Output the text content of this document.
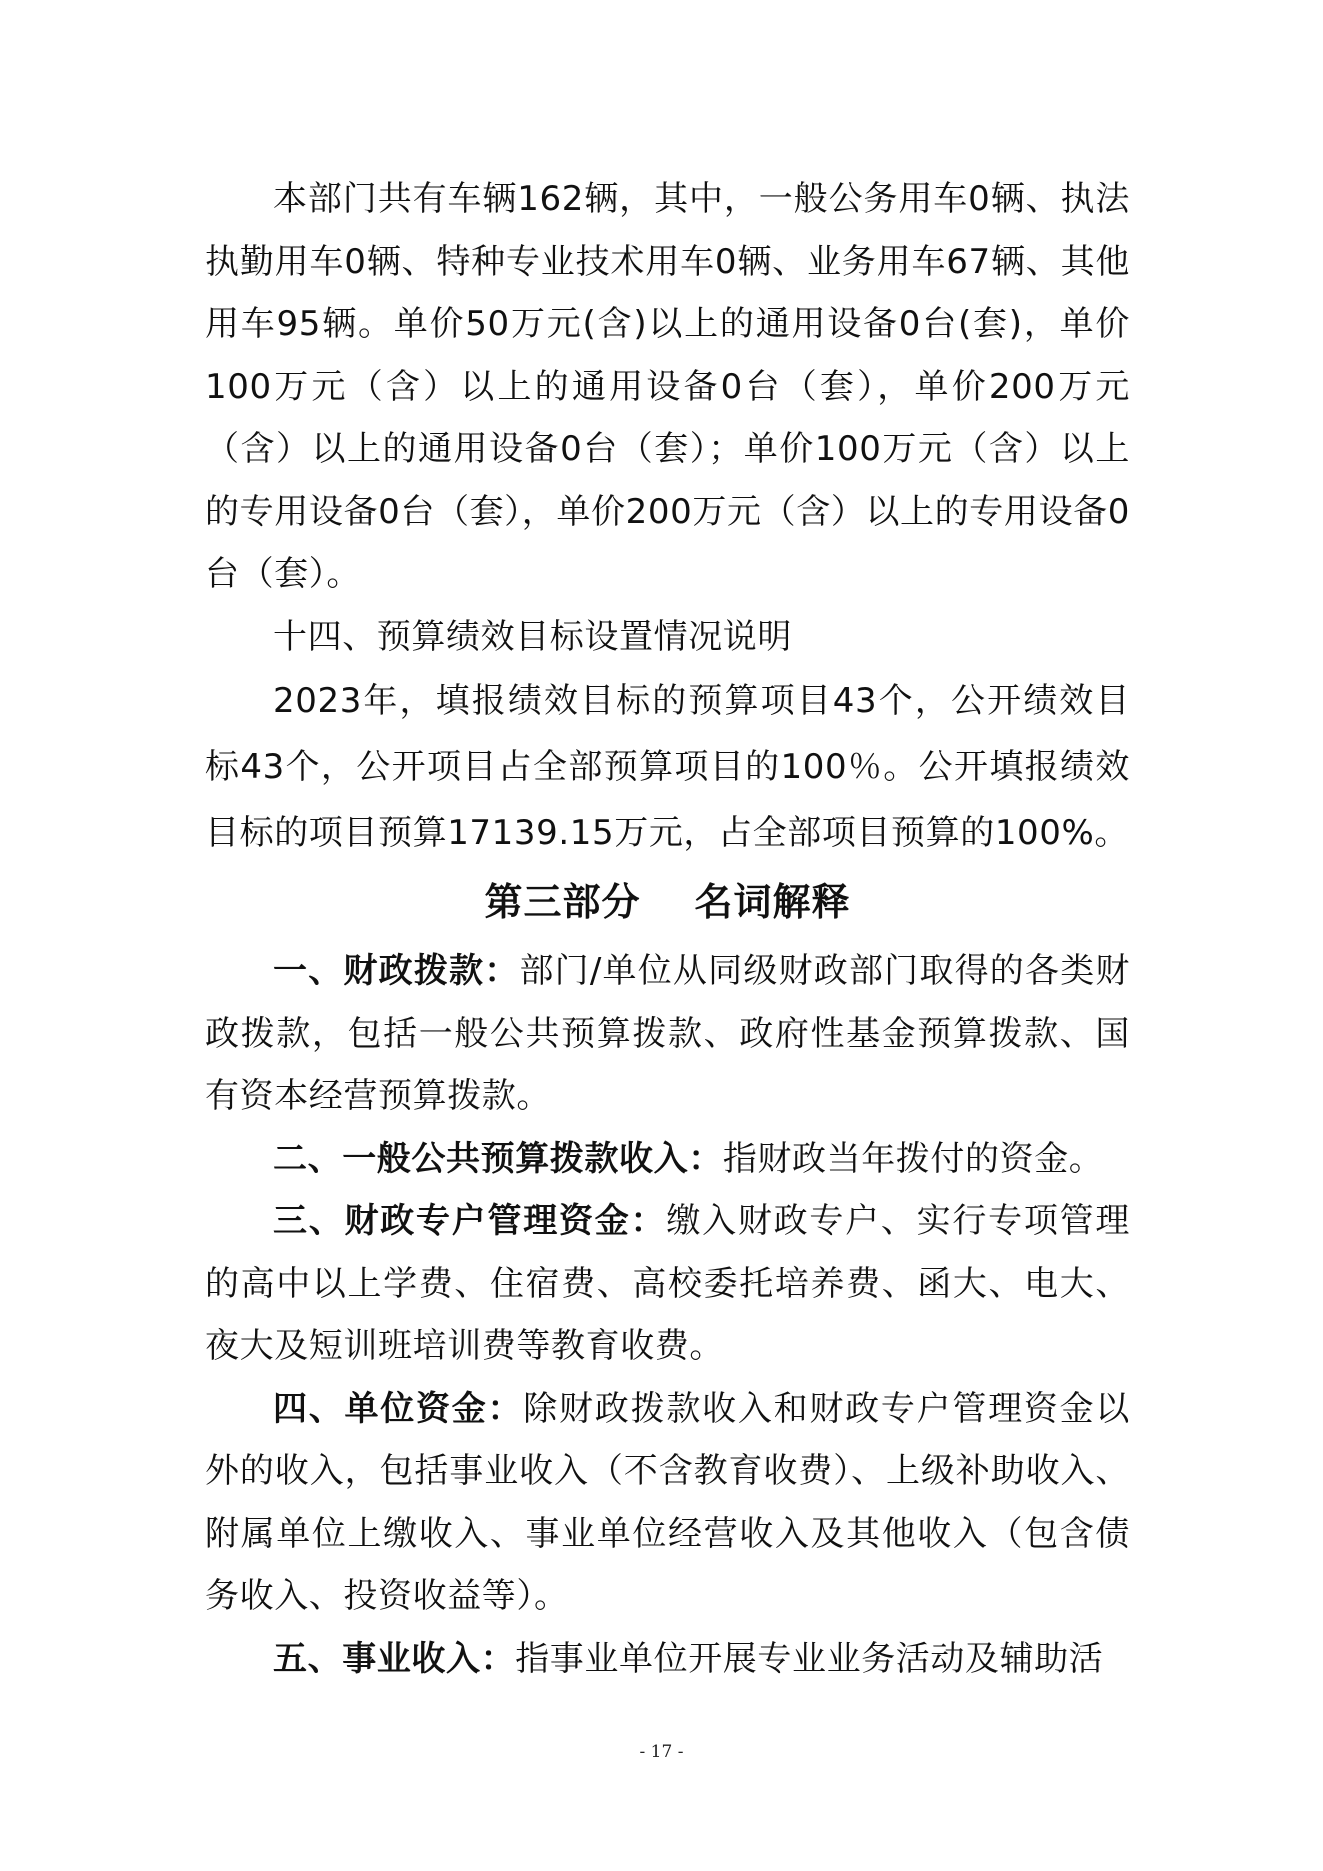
本部门共有车辆162辆，其中，一般公务用车0辆、执法执勤用车0辆、特种专业技术用车0辆、业务用车67辆、其他用车95辆。单价50万元(含)以上的通用设备0台(套)，单价100万元（含）以上的通用设备0台（套），单价200万元（含）以上的通用设备0台（套）；单价100万元（含）以上的专用设备0台（套），单价200万元（含）以上的专用设备0台（套）。

十四、预算绩效目标设置情况说明

2023年，填报绩效目标的预算项目43个，公开绩效目标43个，公开项目占全部预算项目的100％。公开填报绩效目标的项目预算17139.15万元，占全部项目预算的100%。

第三部分 名词解释

一、财政拨款：部门/单位从同级财政部门取得的各类财政拨款，包括一般公共预算拨款、政府性基金预算拨款、国有资本经营预算拨款。

二、一般公共预算拨款收入：指财政当年拨付的资金。

三、财政专户管理资金：缴入财政专户、实行专项管理的高中以上学费、住宿费、高校委托培养费、函大、电大、夜大及短训班培训费等教育收费。

四、单位资金：除财政拨款收入和财政专户管理资金以外的收入，包括事业收入（不含教育收费）、上级补助收入、附属单位上缴收入、事业单位经营收入及其他收入（包含债务收入、投资收益等）。

五、事业收入：指事业单位开展专业业务活动及辅助活

- 17 -
